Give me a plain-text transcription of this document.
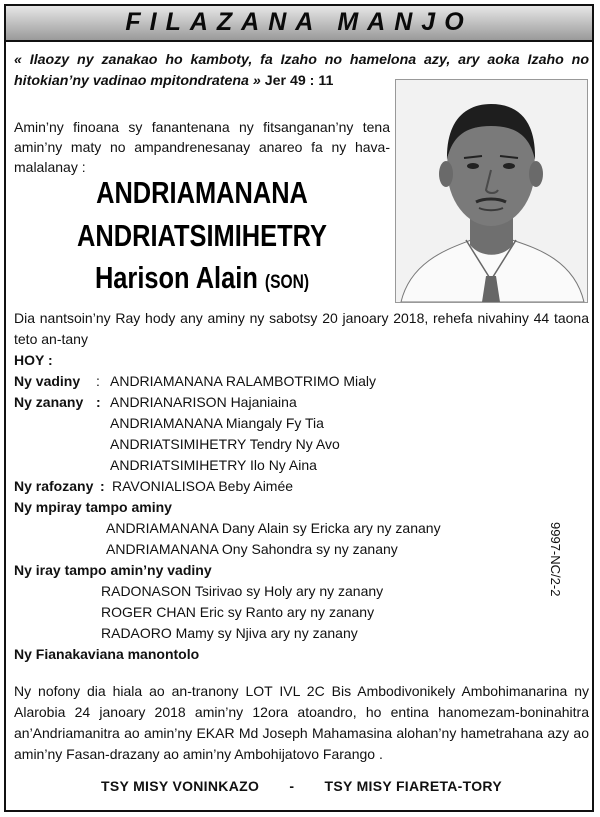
FILAZANA MANJO
« Ilaozy ny zanakao ho kamboty, fa Izaho no hamelona azy, ary aoka Izaho no hitokian’ny vadinao mpitondratena » Jer 49 : 11
Amin’ny finoana sy fanantenana ny fitsanganan’ny tena amin’ny maty no ampandrenesanay anareo fa ny hava-malalanay :
ANDRIAMANANA
ANDRIATSIMIHETRY
Harison Alain (SON)
Dia nantsoin’ny Ray hody any aminy ny sabotsy 20 janoary 2018, rehefa nivahiny 44 taona teto an-tany
HOY :
Ny vadiny : ANDRIAMANANA RALAMBOTRIMO Mialy
Ny zanany : ANDRIANARISON Hajaniaina
ANDRIAMANANA Miangaly Fy Tia
ANDRIATSIMIHETRY Tendry Ny Avo
ANDRIATSIMIHETRY Ilo Ny Aina
Ny rafozany : RAVONIALISOA Beby Aimée
Ny mpiray tampo aminy
ANDRIAMANANA Dany Alain sy Ericka ary ny zanany
ANDRIAMANANA Ony Sahondra sy ny zanany
Ny iray tampo amin’ny vadiny
RADONASON Tsirivao sy Holy ary ny zanany
ROGER CHAN Eric sy Ranto ary ny zanany
RADAORO Mamy sy Njiva ary ny zanany
Ny Fianakaviana manontolo
9997-NC/2-2
Ny nofony dia hiala ao an-tranony LOT IVL 2C Bis Ambodivonikely Ambohimanarina ny Alarobia 24 janoary 2018 amin’ny 12ora atoandro, ho entina hanomezam-boninahitra an’Andriamanitra ao amin’ny EKAR Md Joseph Mahamasina alohan’ny hametrahana azy ao amin’ny Fasan-drazany ao amin’ny Ambohijatovo Farango .
TSY MISY VONINKAZO - TSY MISY FIARETA-TORY
